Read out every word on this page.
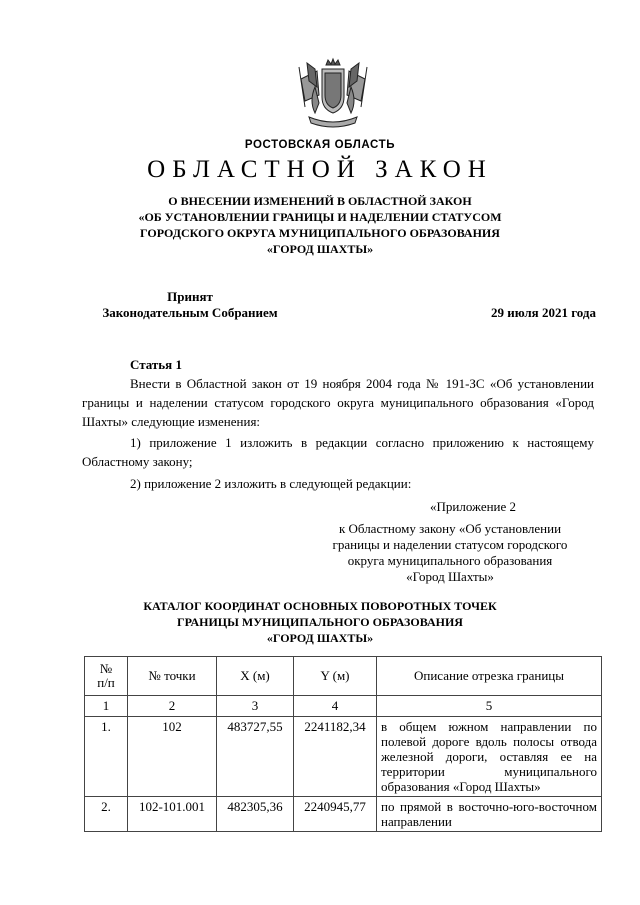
РОСТОВСКАЯ ОБЛАСТЬ
ОБЛАСТНОЙ ЗАКОН
О ВНЕСЕНИИ ИЗМЕНЕНИЙ В ОБЛАСТНОЙ ЗАКОН
«ОБ УСТАНОВЛЕНИИ ГРАНИЦЫ И НАДЕЛЕНИИ СТАТУСОМ
ГОРОДСКОГО ОКРУГА МУНИЦИПАЛЬНОГО ОБРАЗОВАНИЯ
«ГОРОД ШАХТЫ»
Принят
Законодательным Собранием	29 июля 2021 года
Статья 1

Внести в Областной закон от 19 ноября 2004 года № 191-ЗС «Об установлении границы и наделении статусом городского округа муниципального образования «Город Шахты» следующие изменения:

1) приложение 1 изложить в редакции согласно приложению к настоящему Областному закону;

2) приложение 2 изложить в следующей редакции:

«Приложение 2
к Областному закону «Об установлении
границы и наделении статусом городского
округа муниципального образования
«Город Шахты»
КАТАЛОГ КООРДИНАТ ОСНОВНЫХ ПОВОРОТНЫХ ТОЧЕК
ГРАНИЦЫ МУНИЦИПАЛЬНОГО ОБРАЗОВАНИЯ
«ГОРОД ШАХТЫ»
№
п/п	№ точки	X (м)	Y (м)	Описание отрезка границы
1	2	3	4	5
1.	102	483727,55	2241182,34	в общем южном направлении по полевой дороге вдоль полосы отвода железной дороги, оставляя ее на территории муниципального образования «Город Шахты»
2.	102-101.001	482305,36	2240945,77	по прямой в восточно-юго-восточном направлении
